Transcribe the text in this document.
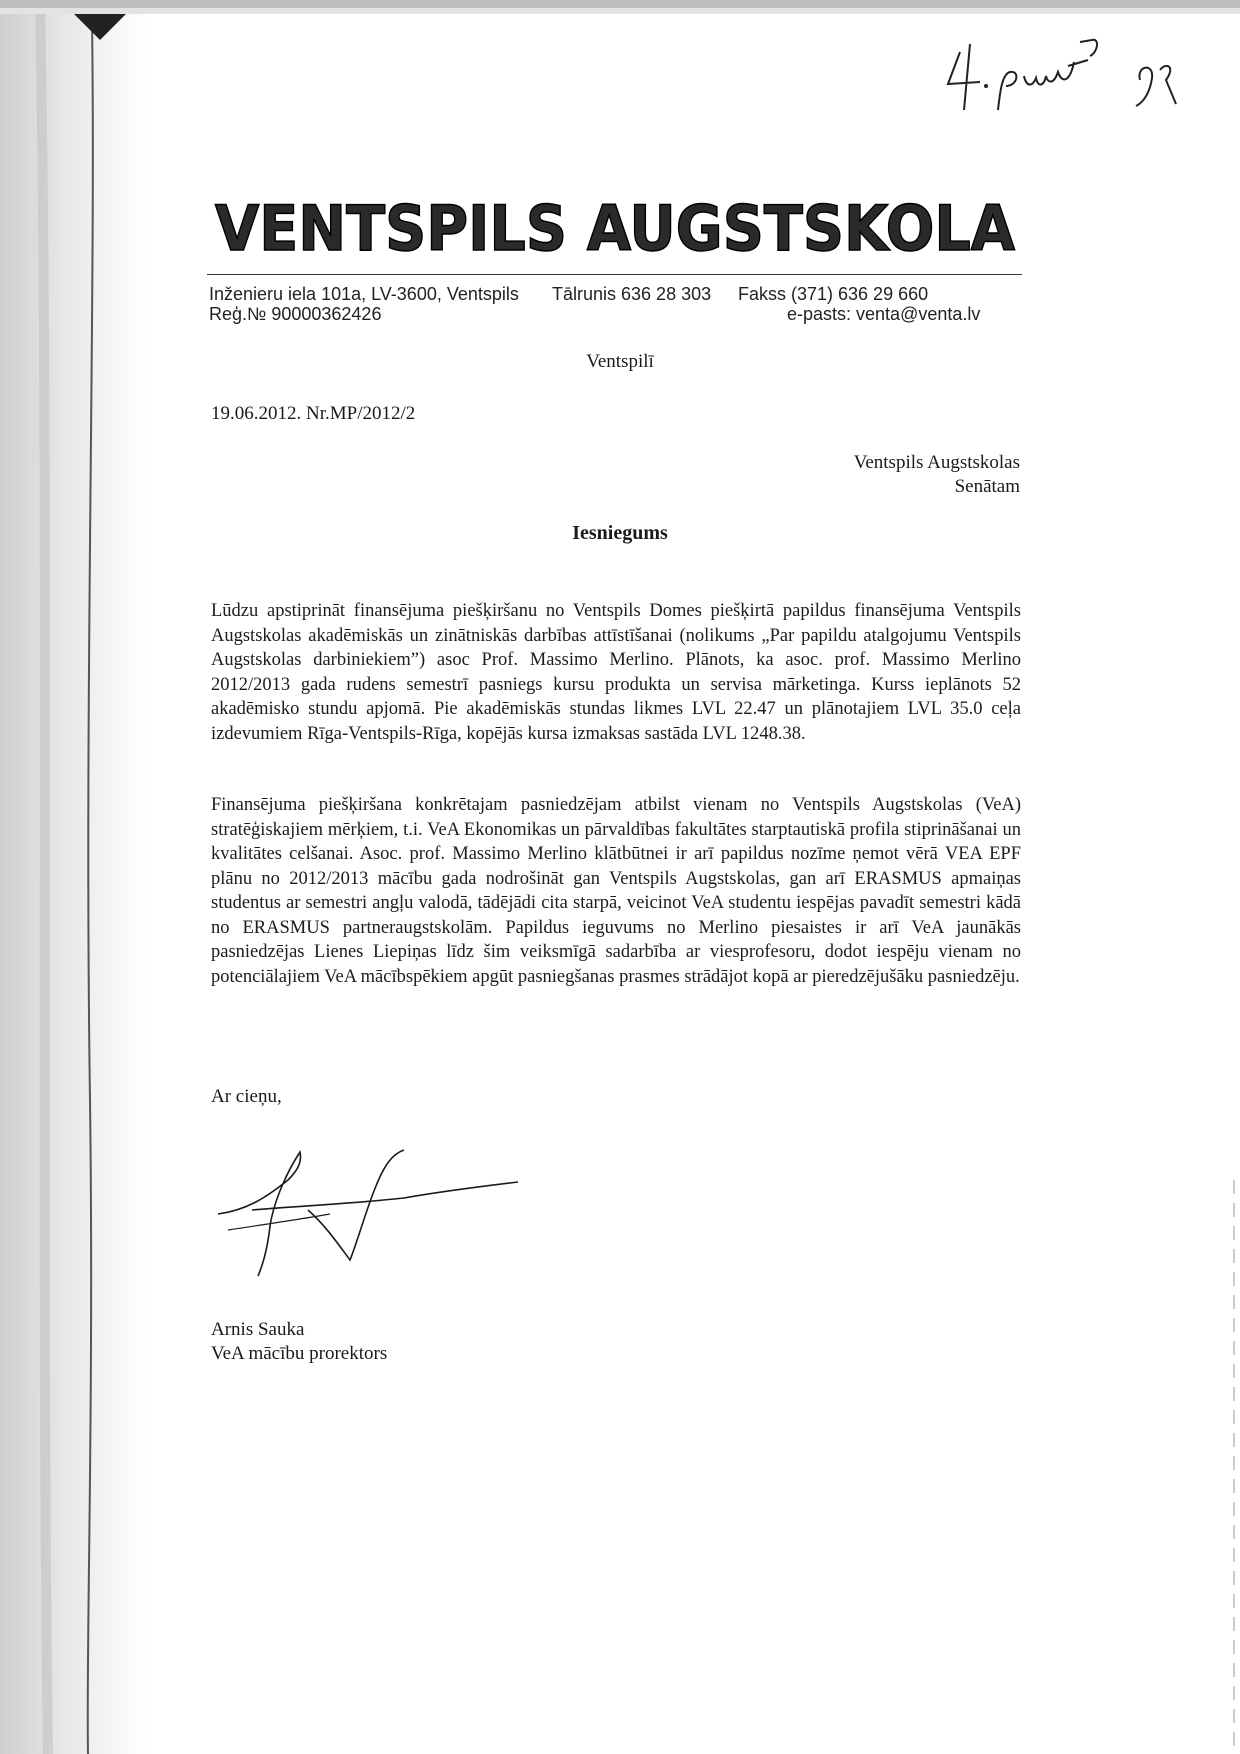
VENTSPILS AUGSTSKOLA
Inženieru iela 101a, LV-3600, Ventspils Tālrunis 636 28 303 Fakss (371) 636 29 660
Reģ.№ 90000362426	e-pasts: venta@venta.lv
Ventspilī
19.06.2012. Nr.MP/2012/2
Ventspils Augstskolas
Senātam
Iesniegums
Lūdzu apstiprināt finansējuma piešķiršanu no Ventspils Domes piešķirtā papildus finansējuma Ventspils Augstskolas akadēmiskās un zinātniskās darbības attīstīšanai (nolikums „Par papildu atalgojumu Ventspils Augstskolas darbiniekiem”) asoc Prof. Massimo Merlino. Plānots, ka asoc. prof. Massimo Merlino 2012/2013 gada rudens semestrī pasniegs kursu produkta un servisa mārketinga. Kurss ieplānots 52 akadēmisko stundu apjomā. Pie akadēmiskās stundas likmes LVL 22.47 un plānotajiem LVL 35.0 ceļa izdevumiem Rīga-Ventspils-Rīga, kopējās kursa izmaksas sastāda LVL 1248.38.
Finansējuma piešķiršana konkrētajam pasniedzējam atbilst vienam no Ventspils Augstskolas (VeA) stratēģiskajiem mērķiem, t.i. VeA Ekonomikas un pārvaldības fakultātes starptautiskā profila stiprināšanai un kvalitātes celšanai. Asoc. prof. Massimo Merlino klātbūtnei ir arī papildus nozīme ņemot vērā VEA EPF plānu no 2012/2013 mācību gada nodrošināt gan Ventspils Augstskolas, gan arī ERASMUS apmaiņas studentus ar semestri angļu valodā, tādējādi cita starpā, veicinot VeA studentu iespējas pavadīt semestri kādā no ERASMUS partneraugstskolām. Papildus ieguvums no Merlino piesaistes ir arī VeA jaunākās pasniedzējas Lienes Liepiņas līdz šim veiksmīgā sadarbība ar viesprofesoru, dodot iespēju vienam no potenciālajiem VeA mācībspēkiem apgūt pasniegšanas prasmes strādājot kopā ar pieredzējušāku pasniedzēju.
Ar cieņu,
Arnis Sauka
VeA mācību prorektors
